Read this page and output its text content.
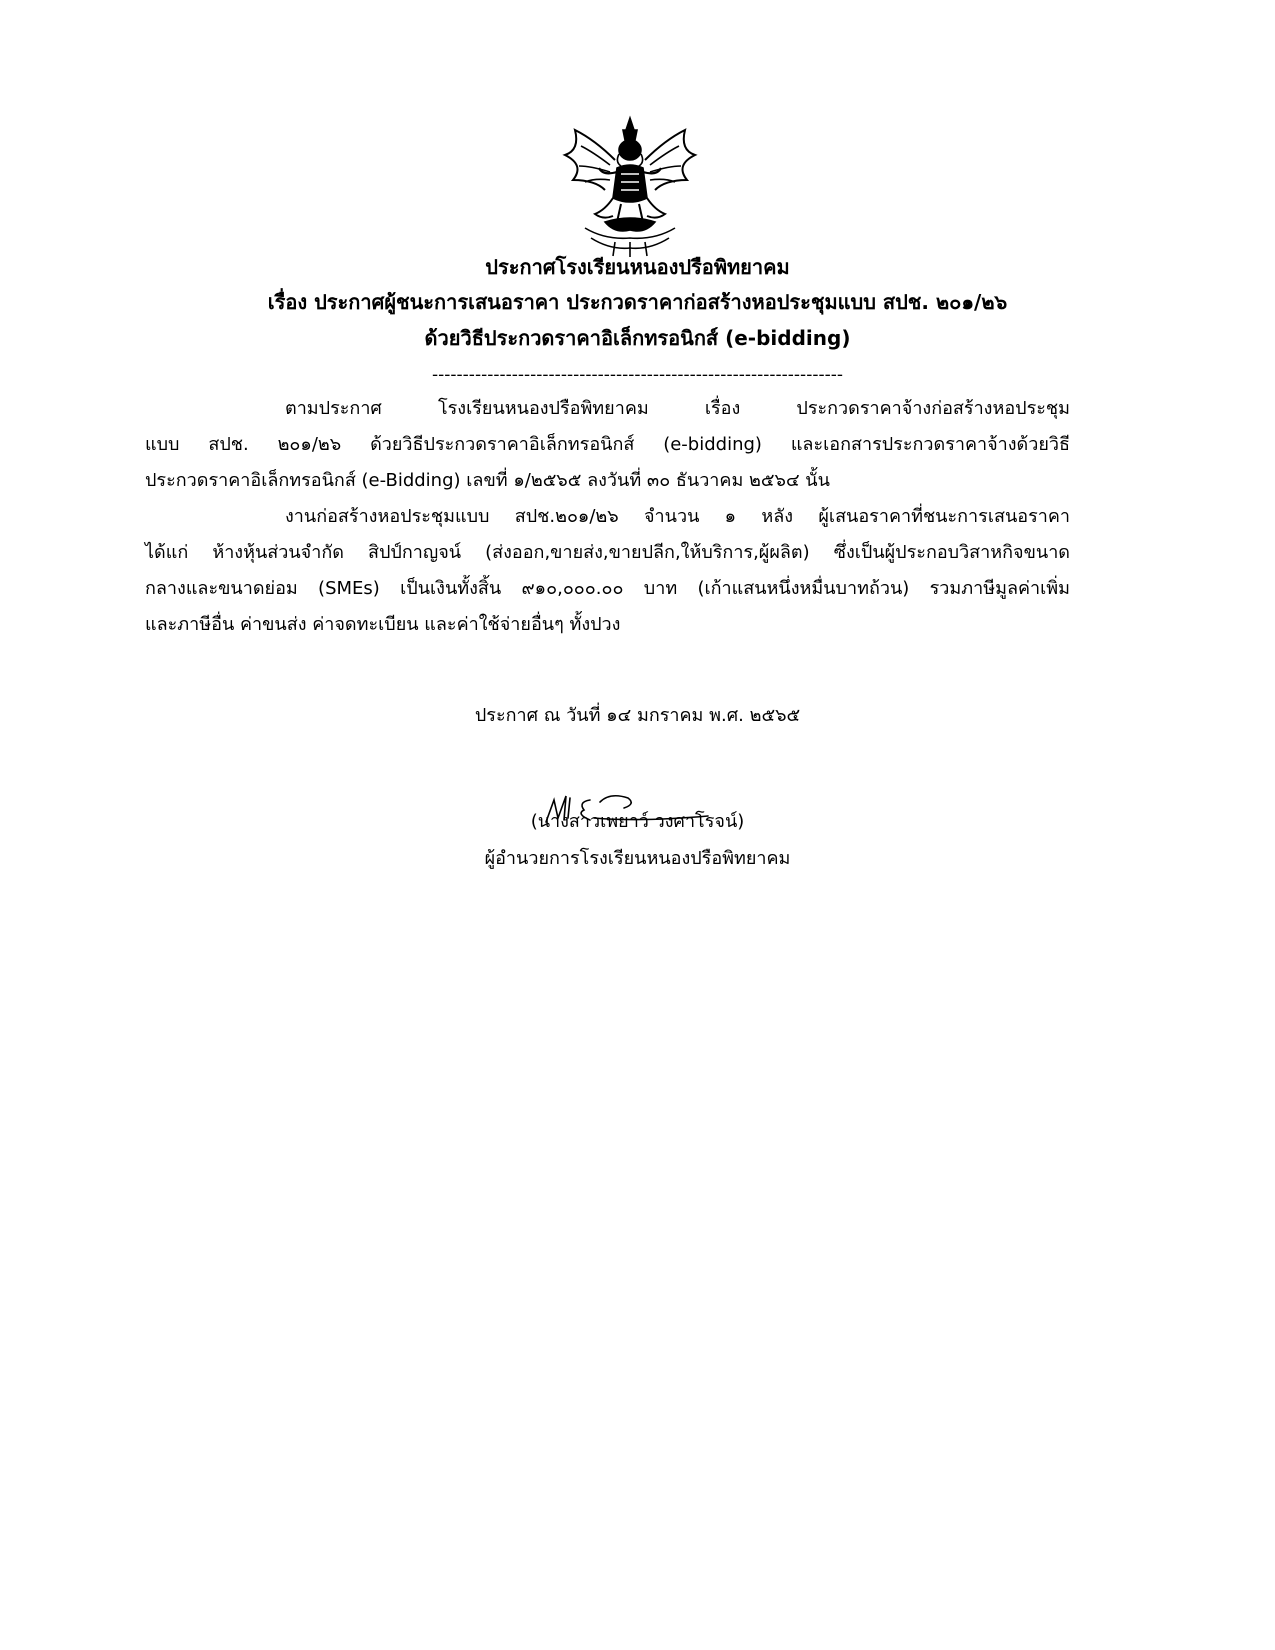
ประกาศโรงเรียนหนองปรือพิทยาคม
เรื่อง ประกาศผู้ชนะการเสนอราคา ประกวดราคาก่อสร้างหอประชุมแบบ สปช. ๒๐๑/๒๖
ด้วยวิธีประกวดราคาอิเล็กทรอนิกส์ (e-bidding)
-------------------------------------------------------------------
ตามประกาศ โรงเรียนหนองปรือพิทยาคม เรื่อง ประกวดราคาจ้างก่อสร้างหอประชุม
แบบ สปช. ๒๐๑/๒๖ ด้วยวิธีประกวดราคาอิเล็กทรอนิกส์ (e-bidding) และเอกสารประกวดราคาจ้างด้วยวิธี
ประกวดราคาอิเล็กทรอนิกส์ (e-Bidding) เลขที่ ๑/๒๕๖๕ ลงวันที่ ๓๐ ธันวาคม ๒๕๖๔ นั้น
งานก่อสร้างหอประชุมแบบ สปช.๒๐๑/๒๖ จำนวน ๑ หลัง ผู้เสนอราคาที่ชนะการเสนอราคา
ได้แก่ ห้างหุ้นส่วนจำกัด สิปป์กาญจน์ (ส่งออก,ขายส่ง,ขายปลีก,ให้บริการ,ผู้ผลิต) ซึ่งเป็นผู้ประกอบวิสาหกิจขนาด
กลางและขนาดย่อม (SMEs) เป็นเงินทั้งสิ้น ๙๑๐,๐๐๐.๐๐ บาท (เก้าแสนหนึ่งหมื่นบาทถ้วน) รวมภาษีมูลค่าเพิ่ม
และภาษีอื่น ค่าขนส่ง ค่าจดทะเบียน และค่าใช้จ่ายอื่นๆ ทั้งปวง
ประกาศ ณ วันที่ ๑๔ มกราคม พ.ศ. ๒๕๖๕
(นางสาวเพยาว์ วงศาโรจน์)
ผู้อำนวยการโรงเรียนหนองปรือพิทยาคม
